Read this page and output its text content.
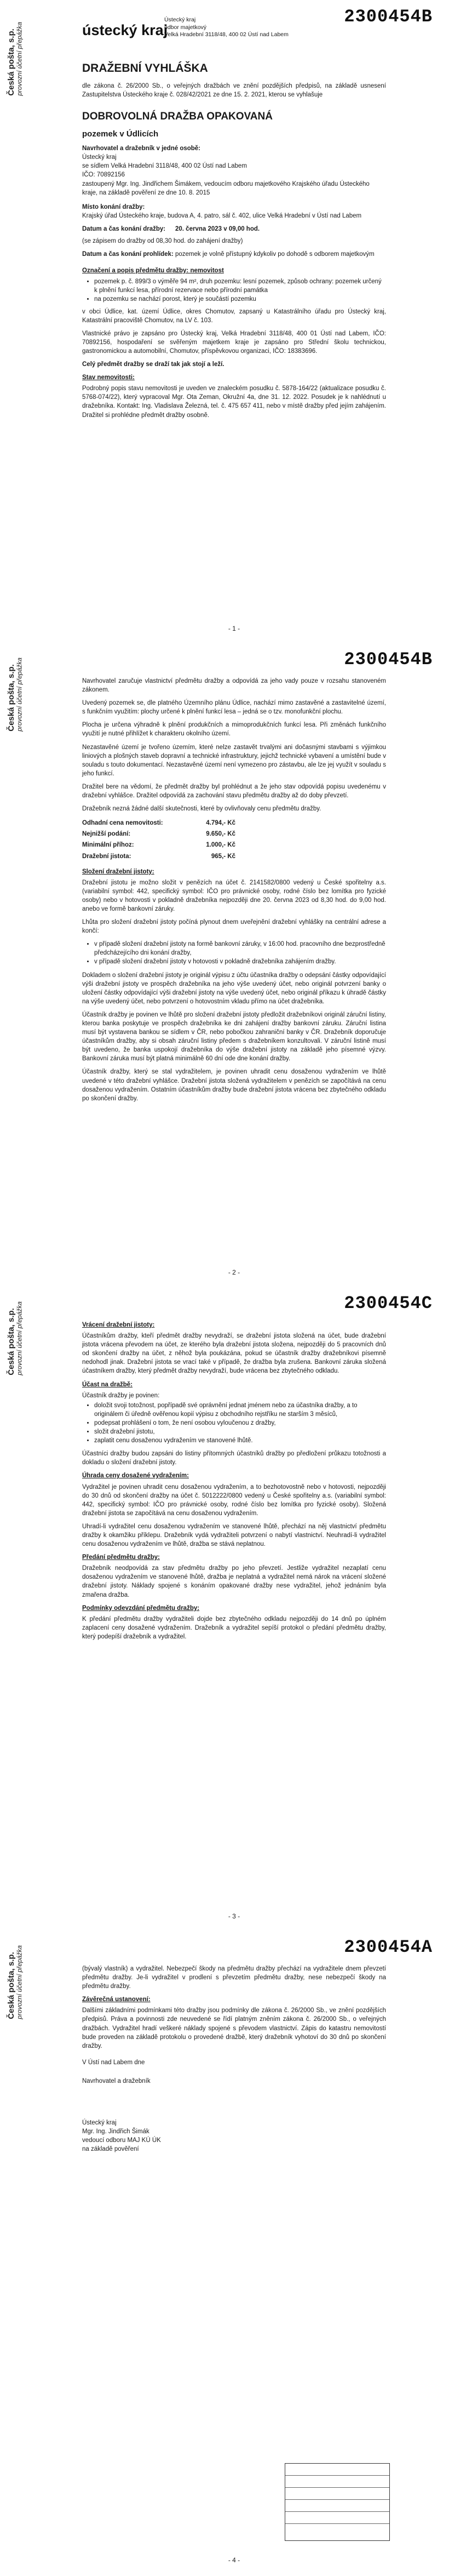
Česká pošta, s.p. provozní účetní přepážka
2300454B
ústecký kraj
Ústecký kraj
odbor majetkový
Velká Hradební 3118/48, 400 02 Ústí nad Labem

DRAŽEBNÍ VYHLÁŠKA

dle zákona č. 26/2000 Sb., o veřejných dražbách ve znění pozdějších předpisů, na základě usnesení Zastupitelstva Ústeckého kraje č. 028/42/2021 ze dne 15. 2. 2021, kterou se vyhlašuje

DOBROVOLNÁ DRAŽBA OPAKOVANÁ

pozemek v Údlicích

Navrhovatel a dražebník v jedné osobě:

Ústecký kraj
se sídlem Velká Hradební 3118/48, 400 02 Ústí nad Labem
IČO: 70892156
zastoupený Mgr. Ing. Jindřichem Šimákem, vedoucím odboru majetkového Krajského úřadu Ústeckého kraje, na základě pověření ze dne 10. 8. 2015

Místo konání dražby:

Krajský úřad Ústeckého kraje, budova A, 4. patro, sál č. 402, ulice Velká Hradební v Ústí nad Labem

Datum a čas konání dražby:	20. června 2023 v 09,00 hod.

(se zápisem do dražby od 08,30 hod. do zahájení dražby)

Datum a čas konání prohlídek: pozemek je volně přístupný kdykoliv po dohodě s odborem majetkovým

Označení a popis předmětu dražby: nemovitost

• pozemek p. č. 899/3 o výměře 94 m², druh pozemku: lesní pozemek, způsob ochrany: pozemek určený k plnění funkcí lesa, přírodní rezervace nebo přírodní památka
• na pozemku se nachází porost, který je součástí pozemku

v obci Údlice, kat. území Údlice, okres Chomutov, zapsaný u Katastrálního úřadu pro Ústecký kraj, Katastrální pracoviště Chomutov, na LV č. 103.

Vlastnické právo je zapsáno pro Ústecký kraj, Velká Hradební 3118/48, 400 01 Ústí nad Labem, IČO: 70892156, hospodaření se svěřeným majetkem kraje je zapsáno pro Střední školu technickou, gastronomickou a automobilní, Chomutov, příspěvkovou organizaci, IČO: 18383696.

Celý předmět dražby se draží tak jak stojí a leží.

Stav nemovitosti:

Podrobný popis stavu nemovitosti je uveden ve znaleckém posudku č. 5878-164/22 (aktualizace posudku č. 5768-074/22), který vypracoval Mgr. Ota Zeman, Okružní 4a, dne 31. 12. 2022. Posudek je k nahlédnutí u dražebníka. Kontakt: Ing. Vladislava Železná, tel. č. 475 657 411, nebo v místě dražby před jejím zahájením. Dražitel si prohlédne předmět dražby osobně.

- 1 -
Česká pošta, s.p. provozní účetní přepážka	2300454B

Navrhovatel zaručuje vlastnictví předmětu dražby a odpovídá za jeho vady pouze v rozsahu stanoveném zákonem.

Uvedený pozemek se, dle platného Územního plánu Údlice, nachází mimo zastavěné a zastavitelné území, s funkčním využitím: plochy určené k plnění funkcí lesa – jedná se o tzv. monofunkční plochu.

Plocha je určena výhradně k plnění produkčních a mimoprodukčních funkcí lesa. Při změnách funkčního využití je nutné přihlížet k charakteru okolního území.

Nezastavěné území je tvořeno územím, které nelze zastavět trvalými ani dočasnými stavbami s výjimkou liniových a plošných staveb dopravní a technické infrastruktury, jejichž technické vybavení a umístění bude v souladu s touto dokumentací. Nezastavěné území není vymezeno pro zástavbu, ale lze jej využít v souladu s jeho funkcí.

Dražitel bere na vědomí, že předmět dražby byl prohlédnut a že jeho stav odpovídá popisu uvedenému v dražební vyhlášce. Dražitel odpovídá za zachování stavu předmětu dražby až do doby převzetí.

Dražebník nezná žádné další skutečnosti, které by ovlivňovaly cenu předmětu dražby.

Odhadní cena nemovitosti:	4.794,- Kč
Nejnižší podání:	9.650,- Kč
Minimální příhoz:	1.000,- Kč
Dražební jistota:	965,- Kč

Složení dražební jistoty:

Dražební jistotu je možno složit v penězích na účet č. 2141582/0800 vedený u České spořitelny a.s. (variabilní symbol: 442, specifický symbol: IČO pro právnické osoby, rodné číslo bez lomítka pro fyzické osoby) nebo v hotovosti v pokladně dražebníka nejpozději dne 20. června 2023 od 8,30 hod. do 9,00 hod. anebo ve formě bankovní záruky.

Lhůta pro složení dražební jistoty počíná plynout dnem uveřejnění dražební vyhlášky na centrální adrese a končí:

• v případě složení dražební jistoty na formě bankovní záruky, v 16:00 hod. pracovního dne bezprostředně předcházejícího dni konání dražby,
• v případě složení dražební jistoty v hotovosti v pokladně dražebníka zahájením dražby.

Dokladem o složení dražební jistoty je originál výpisu z účtu účastníka dražby o odepsání částky odpovídající výši dražební jistoty ve prospěch dražebníka na jeho výše uvedený účet, nebo originál potvrzení banky o uložení částky odpovídající výši dražební jistoty na výše uvedený účet, nebo originál příkazu k úhradě částky na výše uvedený účet, nebo potvrzení o hotovostním vkladu přímo na účet dražebníka.

Účastník dražby je povinen ve lhůtě pro složení dražební jistoty předložit dražebníkovi originál záruční listiny, kterou banka poskytuje ve prospěch dražebníka ke dni zahájení dražby bankovní záruku. Záruční listina musí být vystavena bankou se sídlem v ČR, nebo pobočkou zahraniční banky v ČR. Dražebník doporučuje účastníkům dražby, aby si obsah záruční listiny předem s dražebníkem konzultovali. V záruční listině musí být uvedeno, že banka uspokojí dražebníka do výše dražební jistoty na základě jeho písemné výzvy. Bankovní záruka musí být platná minimálně 60 dní ode dne konání dražby.

Účastník dražby, který se stal vydražitelem, je povinen uhradit cenu dosaženou vydražením ve lhůtě uvedené v této dražební vyhlášce. Dražební jistota složená vydražitelem v penězích se započítává na cenu dosaženou vydražením. Ostatním účastníkům dražby bude dražební jistota vrácena bez zbytečného odkladu po skončení dražby.

- 2 -
Česká pošta, s.p. provozní účetní přepážka	2300454C

Vrácení dražební jistoty:

Účastníkům dražby, kteří předmět dražby nevydraží, se dražební jistota složená na účet, bude dražební jistota vrácena převodem na účet, ze kterého byla dražební jistota složena, nejpozději do 5 pracovních dnů od skončení dražby na účet, z něhož byla poukázána, pokud se účastník dražby dražebníkovi písemně nedohodl jinak. Dražební jistota se vrací také v případě, že dražba byla zrušena. Bankovní záruka složená účastníkem dražby, který předmět dražby nevydraží, bude vrácena bez zbytečného odkladu.

Účast na dražbě:

Účastník dražby je povinen:

• doložit svoji totožnost, popřípadě své oprávnění jednat jménem nebo za účastníka dražby, a to originálem či úředně ověřenou kopií výpisu z obchodního rejstříku ne starším 3 měsíců,
• podepsat prohlášení o tom, že není osobou vyloučenou z dražby,
• složit dražební jistotu,
• zaplatit cenu dosaženou vydražením ve stanovené lhůtě.

Účastníci dražby budou zapsáni do listiny přítomných účastníků dražby po předložení průkazu totožnosti a dokladu o složení dražební jistoty.

Úhrada ceny dosažené vydražením:

Vydražitel je povinen uhradit cenu dosaženou vydražením, a to bezhotovostně nebo v hotovosti, nejpozději do 30 dnů od skončení dražby na účet č. 5012222/0800 vedený u České spořitelny a.s. (variabilní symbol: 442, specifický symbol: IČO pro právnické osoby, rodné číslo bez lomítka pro fyzické osoby). Složená dražební jistota se započítává na cenu dosaženou vydražením.

Uhradí-li vydražitel cenu dosaženou vydražením ve stanovené lhůtě, přechází na něj vlastnictví předmětu dražby k okamžiku příklepu. Dražebník vydá vydražiteli potvrzení o nabytí vlastnictví. Neuhradí-li vydražitel cenu dosaženou vydražením ve lhůtě, dražba se stává neplatnou.

Předání předmětu dražby:

Dražebník neodpovídá za stav předmětu dražby po jeho převzetí. Jestliže vydražitel nezaplatí cenu dosaženou vydražením ve stanovené lhůtě, dražba je neplatná a vydražitel nemá nárok na vrácení složené dražební jistoty. Náklady spojené s konáním opakované dražby nese vydražitel, jehož jednáním byla zmařena dražba.

Podmínky odevzdání předmětu dražby:

K předání předmětu dražby vydražiteli dojde bez zbytečného odkladu nejpozději do 14 dnů po úplném zaplacení ceny dosažené vydražením. Dražebník a vydražitel sepíší protokol o předání předmětu dražby, který podepíší dražebník a vydražitel.

- 3 -
Česká pošta, s.p. provozní účetní přepážka	2300454A

(bývalý vlastník) a vydražitel. Nebezpečí škody na předmětu dražby přechází na vydražitele dnem převzetí předmětu dražby. Je-li vydražitel v prodlení s převzetím předmětu dražby, nese nebezpečí škody na předmětu dražby.

Závěrečná ustanovení:

Dalšími základními podmínkami této dražby jsou podmínky dle zákona č. 26/2000 Sb., ve znění pozdějších předpisů. Práva a povinnosti zde neuvedené se řídí platným zněním zákona č. 26/2000 Sb., o veřejných dražbách. Vydražitel hradí veškeré náklady spojené s převodem vlastnictví. Zápis do katastru nemovitostí bude proveden na základě protokolu o provedené dražbě, který dražebník vyhotoví do 30 dnů po skončení dražby.

V Ústí nad Labem dne

Navrhovatel a dražebník

Ústecký kraj
Mgr. Ing. Jindřich Šimák
vedoucí odboru MAJ KÚ ÚK
na základě pověření
- 4 -
